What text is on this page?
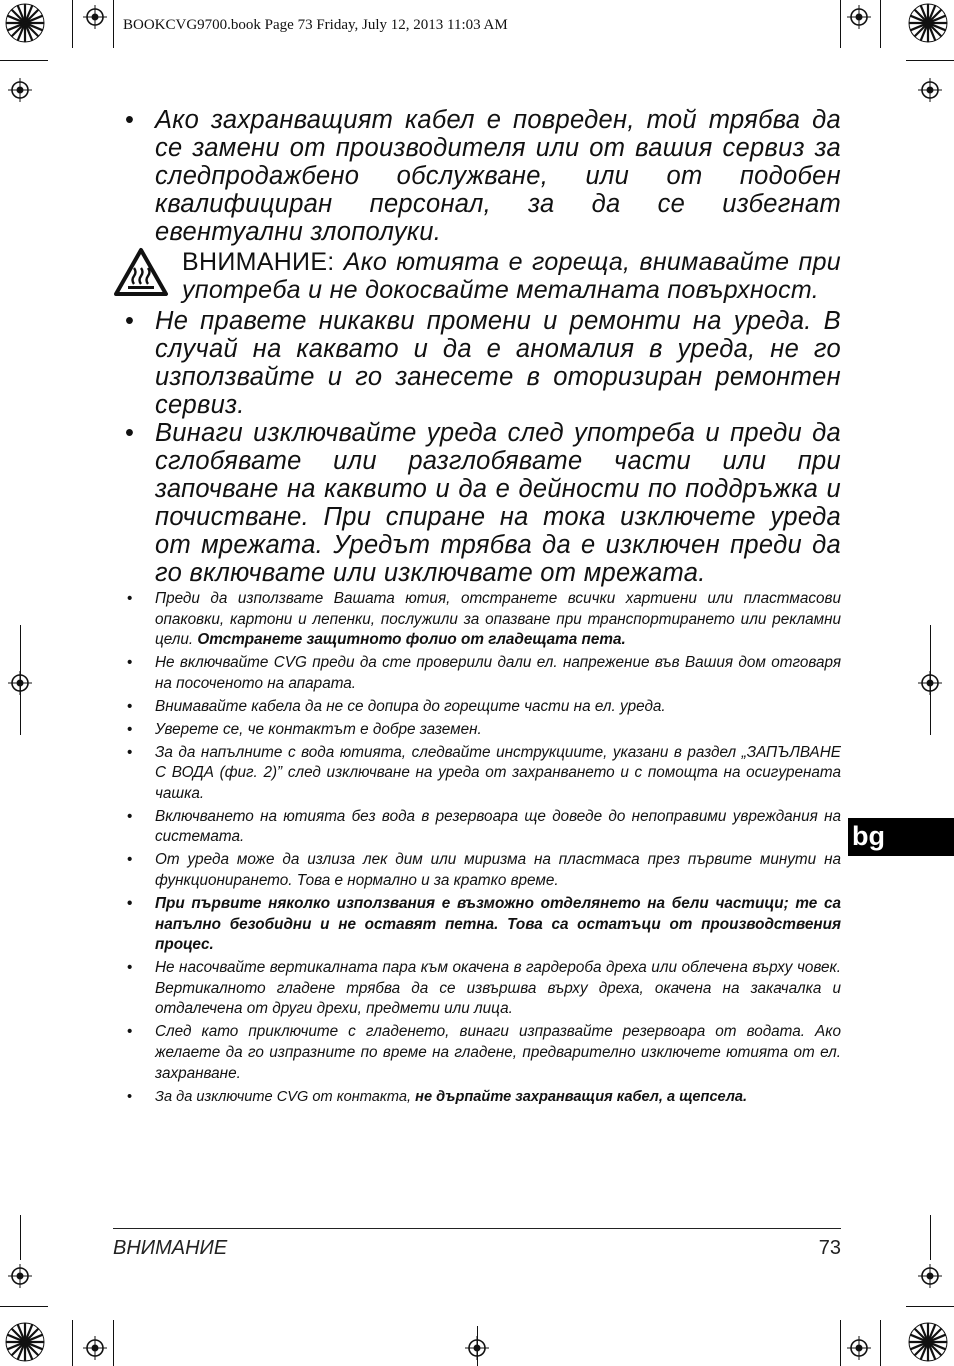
BOOKCVG9700.book Page 73 Friday, July 12, 2013 11:03 AM
• Ако захранващият кабел е повреден, той трябва да се замени от производителя или от вашия сервиз за следпродажбено обслужване, или от подобен квалифициран персонал, за да се избегнат евентуални злополуки.
ВНИМАНИЕ: Ако ютията е гореща, внимавайте при употреба и не докосвайте металната повърхност.
• Не правете никакви промени и ремонти на уреда. В случай на каквато и да е аномалия в уреда, не го използвайте и го занесете в оторизиран ремонтен сервиз.
• Винаги изключвайте уреда след употреба и преди да сглобявате или разглобявате части или при започване на каквито и да е дейности по поддръжка и почистване. При спиране на тока изключете уреда от мрежата. Уредът трябва да е изключен преди да го включвате или изключвате от мрежата.
• Преди да използвате Вашата ютия, отстранете всички хартиени или пластмасови опаковки, картони и лепенки, послужили за опазване при транспортирането или рекламни цели. Отстранете защитното фолио от гладещата пета.
• Не включвайте CVG преди да сте проверили дали ел. напрежение във Вашия дом отговаря на посоченото на апарата.
• Внимавайте кабела да не се допира до горещите части на ел. уреда.
• Уверете се, че контактът е добре заземен.
• За да напълните с вода ютията, следвайте инструкциите, указани в раздел „ЗАПЪЛВАНЕ С ВОДА (фиг. 2)” след изключване на уреда от захранването и с помощта на осигурената чашка.
• Включването на ютията без вода в резервоара ще доведе до непоправими увреждания на системата.
• От уреда може да излиза лек дим или миризма на пластмаса през първите минути на функционирането. Това е нормално и за кратко време.
• При първите няколко използвания е възможно отделянето на бели частици; те са напълно безобидни и не оставят петна. Това са остатъци от производствения процес.
• Не насочвайте вертикалната пара към окачена в гардероба дреха или облечена върху човек. Вертикалното гладене трябва да се извършва върху дреха, окачена на закачалка и отдалечена от други дрехи, предмети или лица.
• След като приключите с гладенето, винаги изпразвайте резервоара от водата. Ако желаете да го изпразните по време на гладене, предварително изключете ютията от ел. захранване.
• За да изключите CVG от контакта, не дърпайте захранващия кабел, а щепсела.
bg
ВНИМАНИЕ	73
